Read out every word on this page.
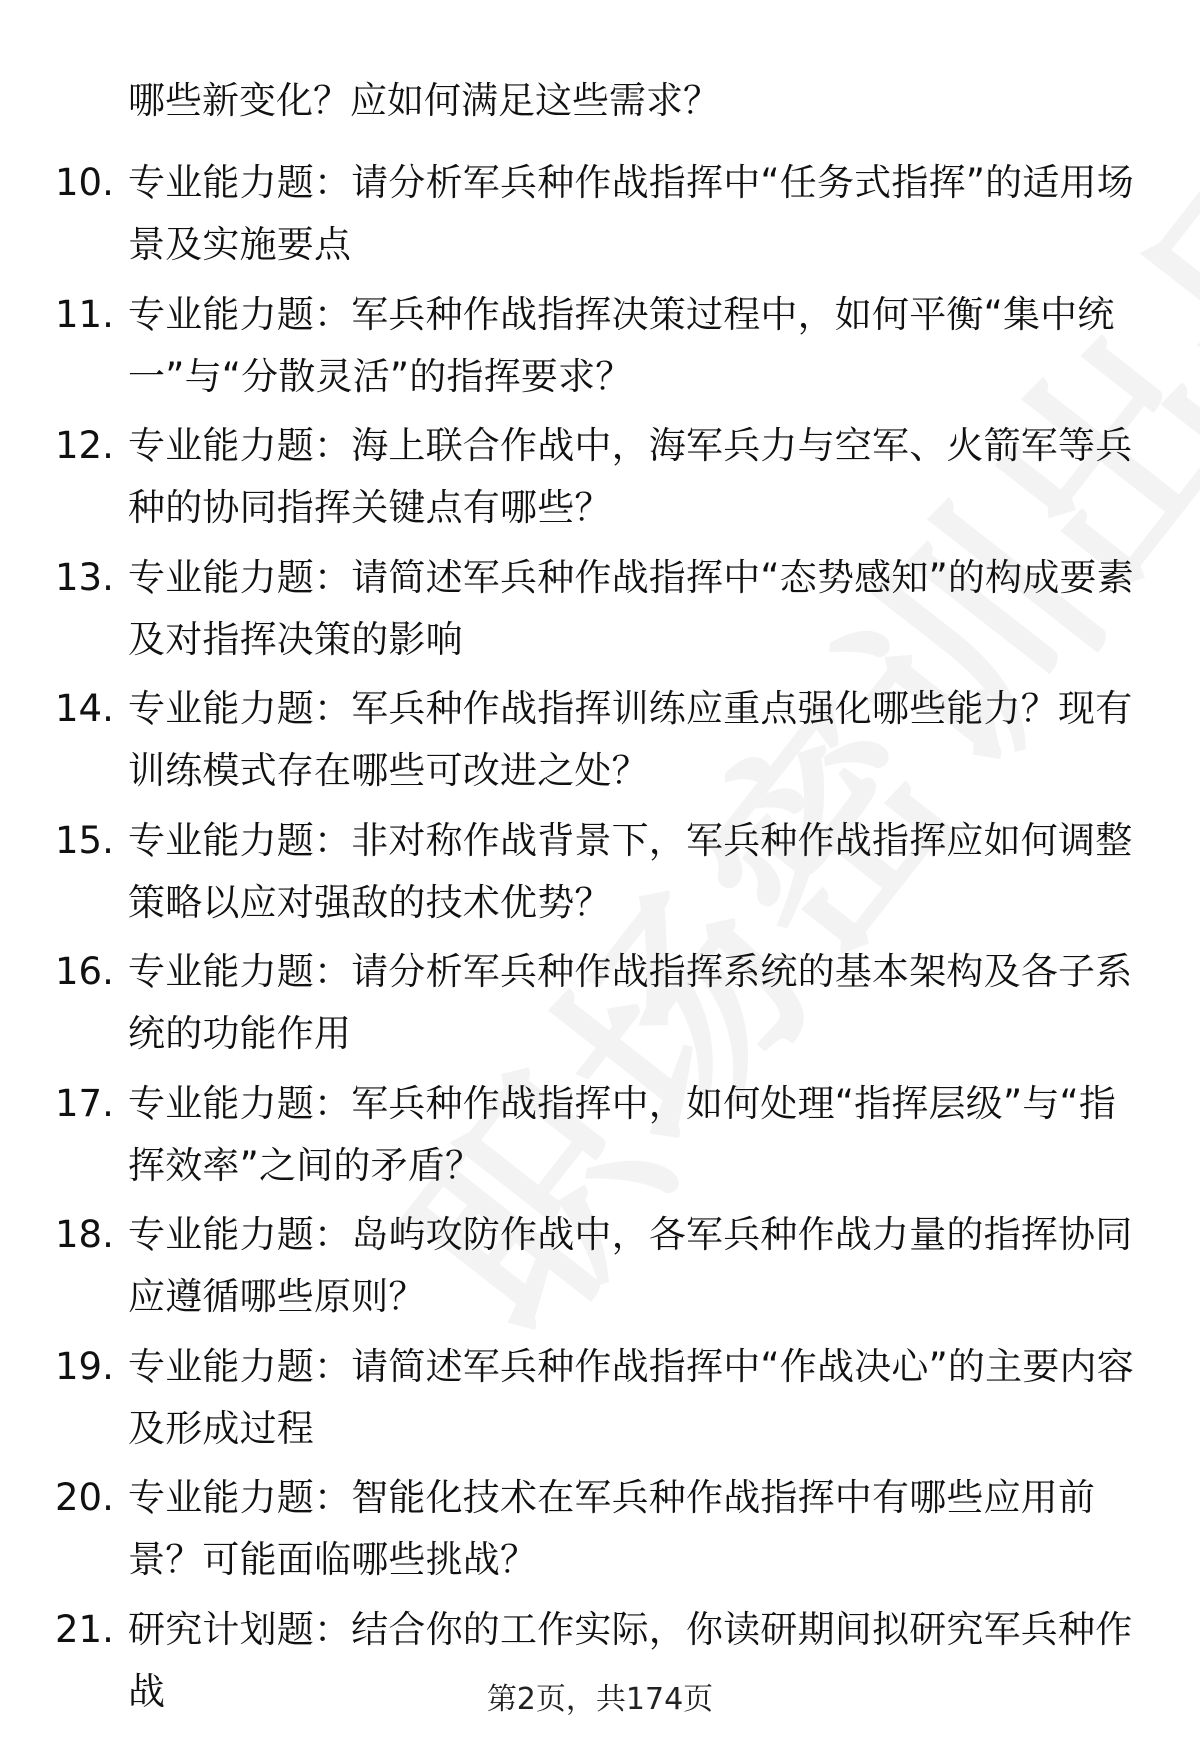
哪些新变化？应如何满足这些需求？
10. 专业能力题：请分析军兵种作战指挥中“任务式指挥”的适用场景及实施要点
11. 专业能力题：军兵种作战指挥决策过程中，如何平衡“集中统一”与“分散灵活”的指挥要求？
12. 专业能力题：海上联合作战中，海军兵力与空军、火箭军等兵种的协同指挥关键点有哪些？
13. 专业能力题：请简述军兵种作战指挥中“态势感知”的构成要素及对指挥决策的影响
14. 专业能力题：军兵种作战指挥训练应重点强化哪些能力？现有训练模式存在哪些可改进之处？
15. 专业能力题：非对称作战背景下，军兵种作战指挥应如何调整策略以应对强敌的技术优势？
16. 专业能力题：请分析军兵种作战指挥系统的基本架构及各子系统的功能作用
17. 专业能力题：军兵种作战指挥中，如何处理“指挥层级”与“指挥效率”之间的矛盾？
18. 专业能力题：岛屿攻防作战中，各军兵种作战力量的指挥协同应遵循哪些原则？
19. 专业能力题：请简述军兵种作战指挥中“作战决心”的主要内容及形成过程
20. 专业能力题：智能化技术在军兵种作战指挥中有哪些应用前景？可能面临哪些挑战？
21. 研究计划题：结合你的工作实际，你读研期间拟研究军兵种作战	第2页，共174页
